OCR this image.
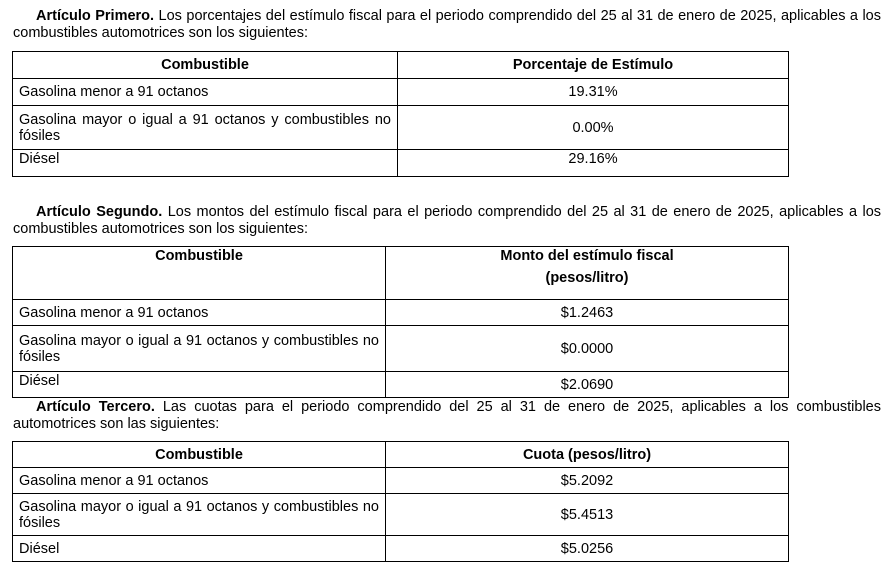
Artículo Primero. Los porcentajes del estímulo fiscal para el periodo comprendido del 25 al 31 de enero de 2025, aplicables a los combustibles automotrices son los siguientes:
Combustible	Porcentaje de Estímulo
Gasolina menor a 91 octanos	19.31%
Gasolina mayor o igual a 91 octanos y combustibles no fósiles	0.00%
Diésel	29.16%
Artículo Segundo. Los montos del estímulo fiscal para el periodo comprendido del 25 al 31 de enero de 2025, aplicables a los combustibles automotrices son los siguientes:
Combustible	Monto del estímulo fiscal
(pesos/litro)

Gasolina menor a 91 octanos	$1.2463
Gasolina mayor o igual a 91 octanos y combustibles no fósiles	$0.0000
Diésel	$2.0690
Artículo Tercero. Las cuotas para el periodo comprendido del 25 al 31 de enero de 2025, aplicables a los combustibles automotrices son las siguientes:
Combustible	Cuota (pesos/litro)
Gasolina menor a 91 octanos	$5.2092
Gasolina mayor o igual a 91 octanos y combustibles no fósiles	$5.4513
Diésel	$5.0256
